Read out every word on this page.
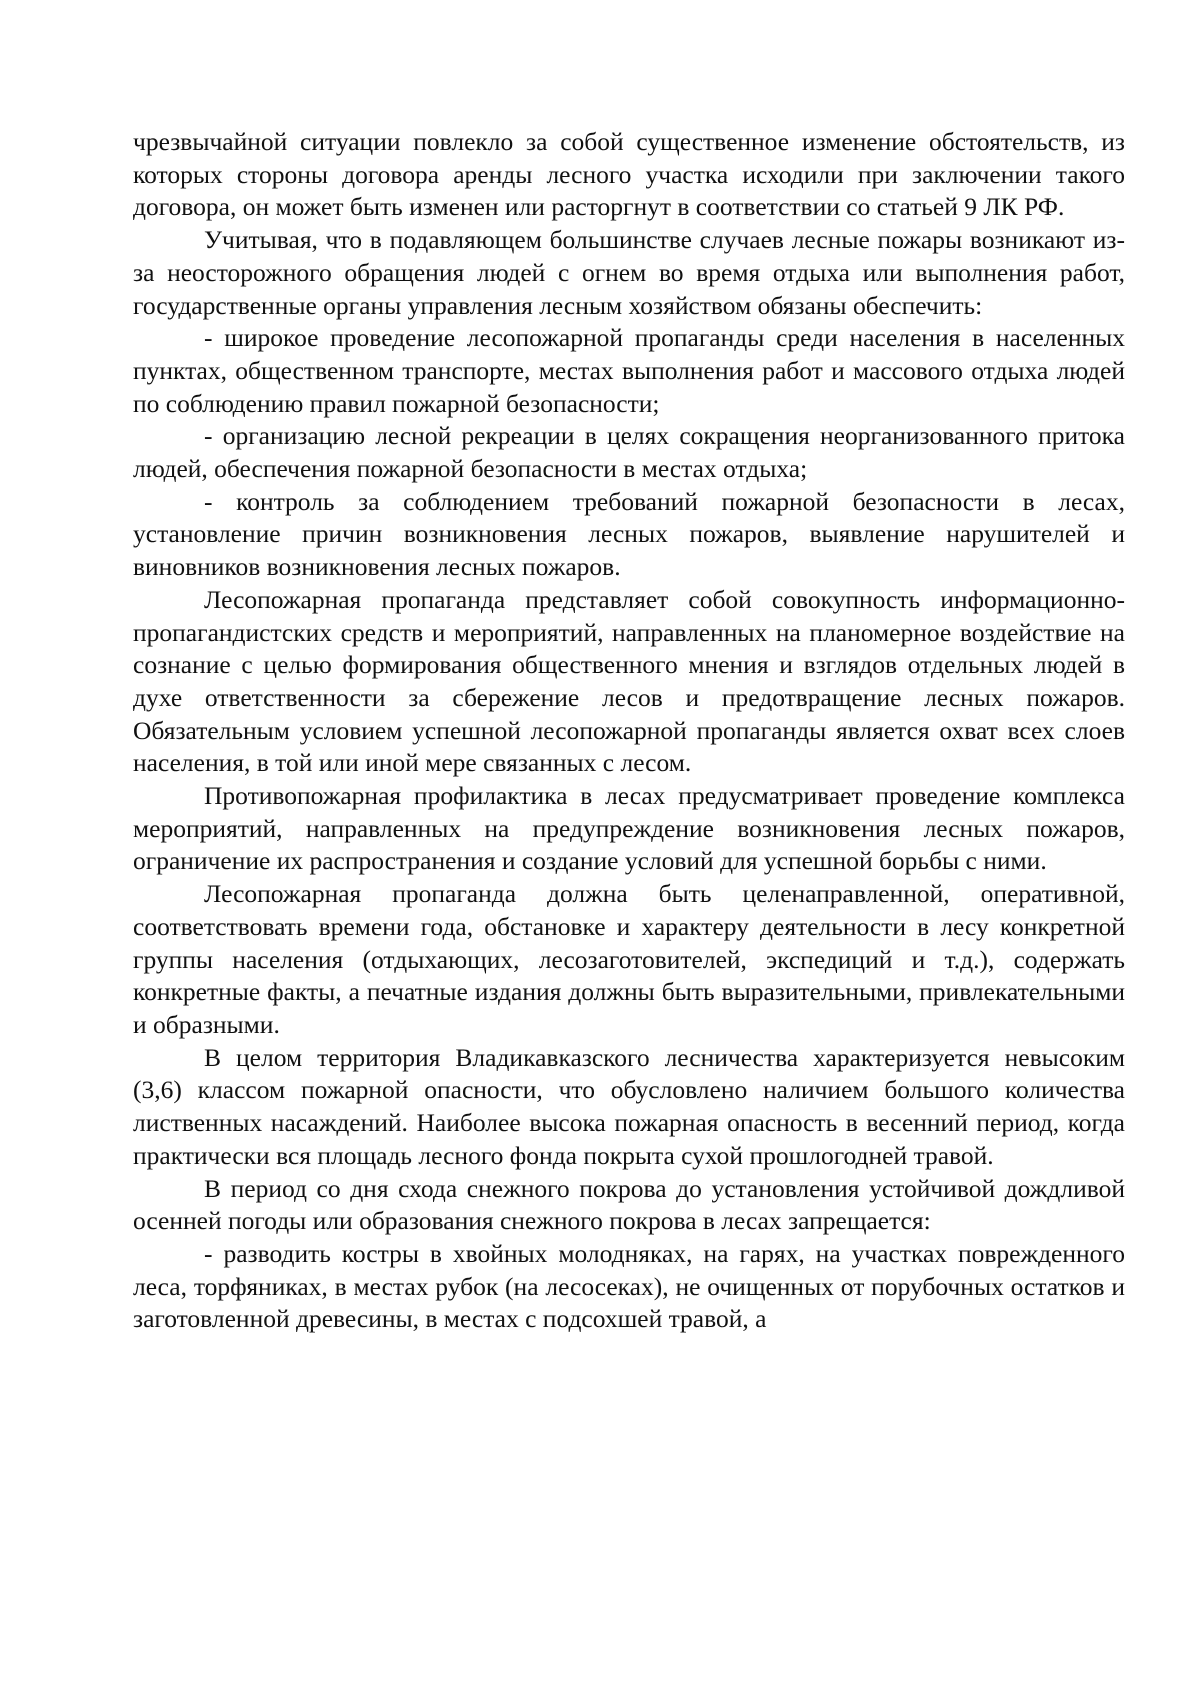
чрезвычайной ситуации повлекло за собой существенное изменение обстоятельств, из которых стороны договора аренды лесного участка исходили при заключении такого договора, он может быть изменен или расторгнут в соответствии со статьей 9 ЛК РФ.

Учитывая, что в подавляющем большинстве случаев лесные пожары возникают из-за неосторожного обращения людей с огнем во время отдыха или выполнения работ, государственные органы управления лесным хозяйством обязаны обеспечить:

- широкое проведение лесопожарной пропаганды среди населения в населенных пунктах, общественном транспорте, местах выполнения работ и массового отдыха людей по соблюдению правил пожарной безопасности;

- организацию лесной рекреации в целях сокращения неорганизованного притока людей, обеспечения пожарной безопасности в местах отдыха;

- контроль за соблюдением требований пожарной безопасности в лесах, установление причин возникновения лесных пожаров, выявление нарушителей и виновников возникновения лесных пожаров.

Лесопожарная пропаганда представляет собой совокупность информационно-пропагандистских средств и мероприятий, направленных на планомерное воздействие на сознание с целью формирования общественного мнения и взглядов отдельных людей в духе ответственности за сбережение лесов и предотвращение лесных пожаров. Обязательным условием успешной лесопожарной пропаганды является охват всех слоев населения, в той или иной мере связанных с лесом.

Противопожарная профилактика в лесах предусматривает проведение комплекса мероприятий, направленных на предупреждение возникновения лесных пожаров, ограничение их распространения и создание условий для успешной борьбы с ними.

Лесопожарная пропаганда должна быть целенаправленной, оперативной, соответствовать времени года, обстановке и характеру деятельности в лесу конкретной группы населения (отдыхающих, лесозаготовителей, экспедиций и т.д.), содержать конкретные факты, а печатные издания должны быть выразительными, привлекательными и образными.

В целом территория Владикавказского лесничества характеризуется невысоким (3,6) классом пожарной опасности, что обусловлено наличием большого количества лиственных насаждений. Наиболее высока пожарная опасность в весенний период, когда практически вся площадь лесного фонда покрыта сухой прошлогодней травой.

В период со дня схода снежного покрова до установления устойчивой дождливой осенней погоды или образования снежного покрова в лесах запрещается:

- разводить костры в хвойных молодняках, на гарях, на участках поврежденного леса, торфяниках, в местах рубок (на лесосеках), не очищенных от порубочных остатков и заготовленной древесины, в местах с подсохшей травой, а
